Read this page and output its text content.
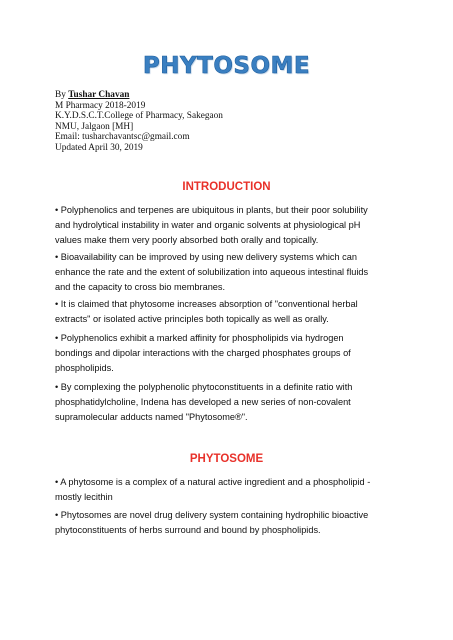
PHYTOSOME
By Tushar Chavan
M Pharmacy 2018-2019
K.Y.D.S.C.T.College of Pharmacy, Sakegaon
NMU, Jalgaon [MH]
Email: tusharchavantsc@gmail.com
Updated April 30, 2019
INTRODUCTION
• Polyphenolics and terpenes are ubiquitous in plants, but their poor solubility
and hydrolytical instability in water and organic solvents at physiological pH
values make them very poorly absorbed both orally and topically.
• Bioavailability can be improved by using new delivery systems which can
enhance the rate and the extent of solubilization into aqueous intestinal fluids
and the capacity to cross bio membranes.
• It is claimed that phytosome increases absorption of "conventional herbal
extracts" or isolated active principles both topically as well as orally.
• Polyphenolics exhibit a marked affinity for phospholipids via hydrogen
bondings and dipolar interactions with the charged phosphates groups of
phospholipids.
• By complexing the polyphenolic phytoconstituents in a definite ratio with
phosphatidylcholine, Indena has developed a new series of non-covalent
supramolecular adducts named "Phytosome®".
PHYTOSOME
• A phytosome is a complex of a natural active ingredient and a phospholipid -
mostly lecithin
• Phytosomes are novel drug delivery system containing hydrophilic bioactive
phytoconstituents of herbs surround and bound by phospholipids.
